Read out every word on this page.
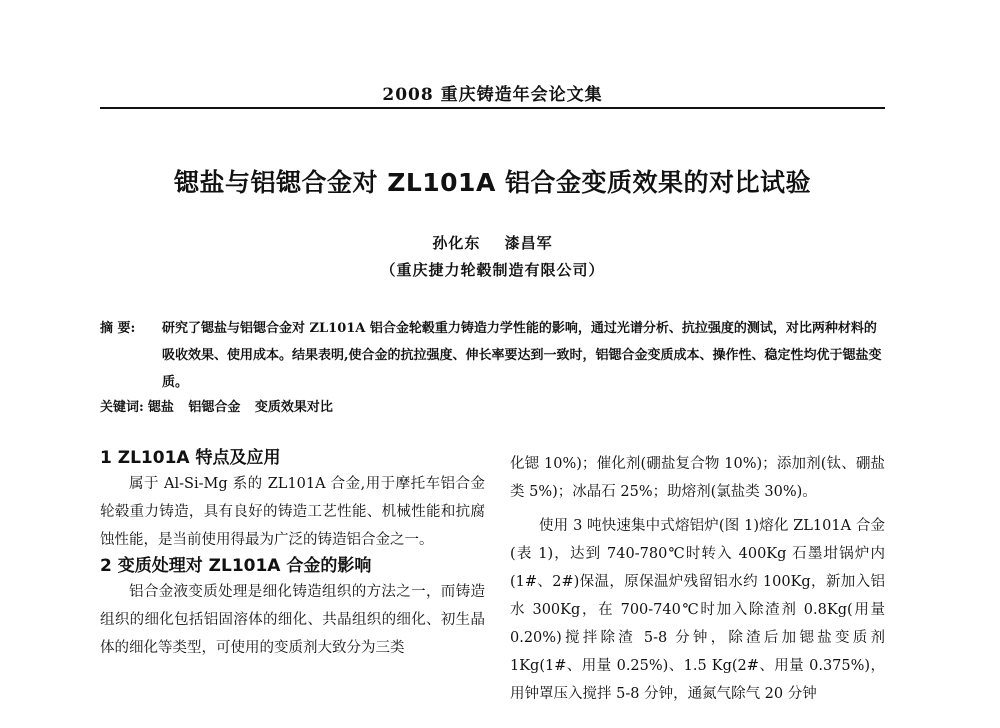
2008 重庆铸造年会论文集
锶盐与铝锶合金对 ZL101A 铝合金变质效果的对比试验
孙化东 漆昌军
（重庆捷力轮毂制造有限公司）
摘 要:	研究了锶盐与铝锶合金对 ZL101A 铝合金轮毂重力铸造力学性能的影响，通过光谱分析、抗拉强度的测试，对比两种材料的吸收效果、使用成本。结果表明,使合金的抗拉强度、伸长率要达到一致时，铝锶合金变质成本、操作性、稳定性均优于锶盐变质。
关键词: 锶盐 铝锶合金 变质效果对比
1 ZL101A 特点及应用

属于 Al-Si-Mg 系的 ZL101A 合金,用于摩托车铝合金轮毂重力铸造，具有良好的铸造工艺性能、机械性能和抗腐蚀性能，是当前使用得最为广泛的铸造铝合金之一。

2 变质处理对 ZL101A 合金的影响

铝合金液变质处理是细化铸造组织的方法之一，而铸造组织的细化包括铝固溶体的细化、共晶组织的细化、初生晶体的细化等类型，可使用的变质剂大致分为三类

化锶 10%)；催化剂(硼盐复合物 10%)；添加剂(钛、硼盐类 5%)；冰晶石 25%；助熔剂(氯盐类 30%)。

使用 3 吨快速集中式熔铝炉(图 1)熔化 ZL101A 合金(表 1)，达到 740-780℃时转入 400Kg 石墨坩锅炉内(1#、2#)保温，原保温炉残留铝水约 100Kg，新加入铝水 300Kg，在 700-740℃时加入除渣剂 0.8Kg(用量 0.20%)搅拌除渣 5-8 分钟，除渣后加锶盐变质剂 1Kg(1#、用量 0.25%)、1.5 Kg(2#、用量 0.375%)，用钟罩压入搅拌 5-8 分钟，通氮气除气 20 分钟
